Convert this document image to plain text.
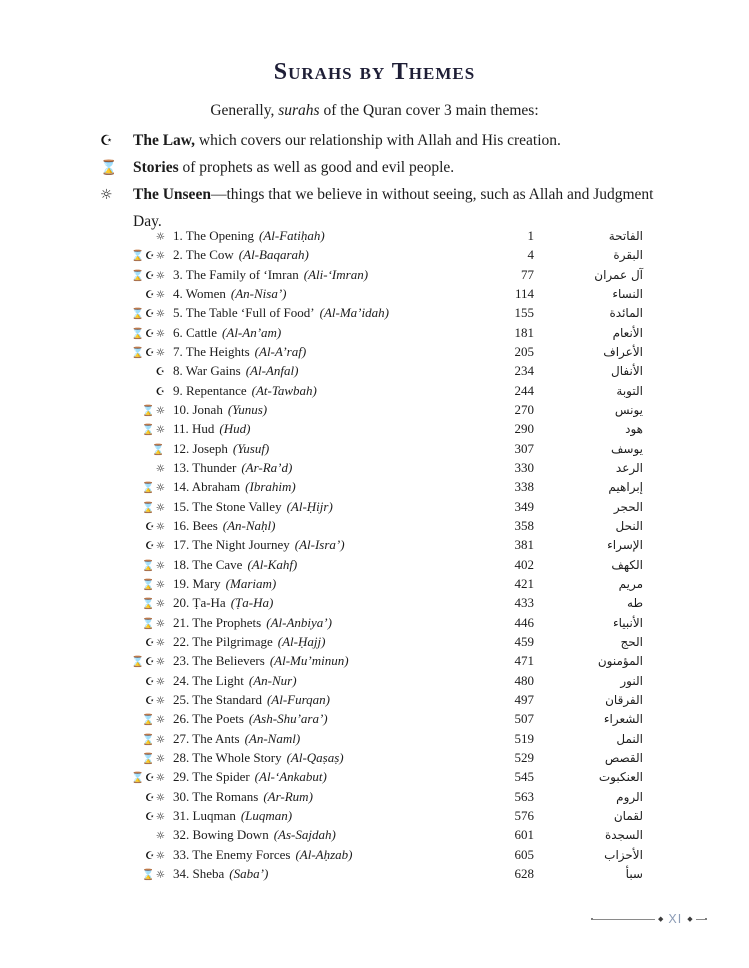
Surahs by Themes

Generally, surahs of the Quran cover 3 main themes:

☪	The Law, which covers our relationship with Allah and His creation.
⌛	Stories of prophets as well as good and evil people.
☼	The Unseen—things that we believe in without seeing, such as Allah and Judgment Day.
☼ 1. The Opening (Al-Fatiḥah)	1	الفاتحة
⌛☪☼ 2. The Cow (Al-Baqarah)	4	البقرة
⌛☪☼ 3. The Family of ‘Imran (Ali-‘Imran)	77	آل عمران
☪☼ 4. Women (An-Nisa’)	114	النساء
⌛☪☼ 5. The Table ‘Full of Food’ (Al-Ma’idah)	155	المائدة
⌛☪☼ 6. Cattle (Al-An’am)	181	الأنعام
⌛☪☼ 7. The Heights (Al-A’raf)	205	الأعراف
☪ 8. War Gains (Al-Anfal)	234	الأنفال
☪ 9. Repentance (At-Tawbah)	244	التوبة
⌛☼ 10. Jonah (Yunus)	270	يونس
⌛☼ 11. Hud (Hud)	290	هود
⌛ 12. Joseph (Yusuf)	307	يوسف
☼ 13. Thunder (Ar-Ra’d)	330	الرعد
⌛☼ 14. Abraham (Ibrahim)	338	إبراهيم
⌛☼ 15. The Stone Valley (Al-Ḥijr)	349	الحجر
☪☼ 16. Bees (An-Naḥl)	358	النحل
☪☼ 17. The Night Journey (Al-Isra’)	381	الإسراء
⌛☼ 18. The Cave (Al-Kahf)	402	الكهف
⌛☼ 19. Mary (Mariam)	421	مريم
⌛☼ 20. Ṭa-Ha (Ṭa-Ha)	433	طه
⌛☼ 21. The Prophets (Al-Anbiya’)	446	الأنبياء
☪☼ 22. The Pilgrimage (Al-Ḥajj)	459	الحج
⌛☪☼ 23. The Believers (Al-Mu’minun)	471	المؤمنون
☪☼ 24. The Light (An-Nur)	480	النور
☪☼ 25. The Standard (Al-Furqan)	497	الفرقان
⌛☼ 26. The Poets (Ash-Shu’ara’)	507	الشعراء
⌛☼ 27. The Ants (An-Naml)	519	النمل
⌛☼ 28. The Whole Story (Al-Qaṣaṣ)	529	القصص
⌛☪☼ 29. The Spider (Al-‘Ankabut)	545	العنكبوت
☪☼ 30. The Romans (Ar-Rum)	563	الروم
☪☼ 31. Luqman (Luqman)	576	لقمان
☼ 32. Bowing Down (As-Sajdah)	601	السجدة
☪☼ 33. The Enemy Forces (Al-Aḥzab)	605	الأحزاب
⌛☼ 34. Sheba (Saba’)	628	سبأ
◆ XI ◆
